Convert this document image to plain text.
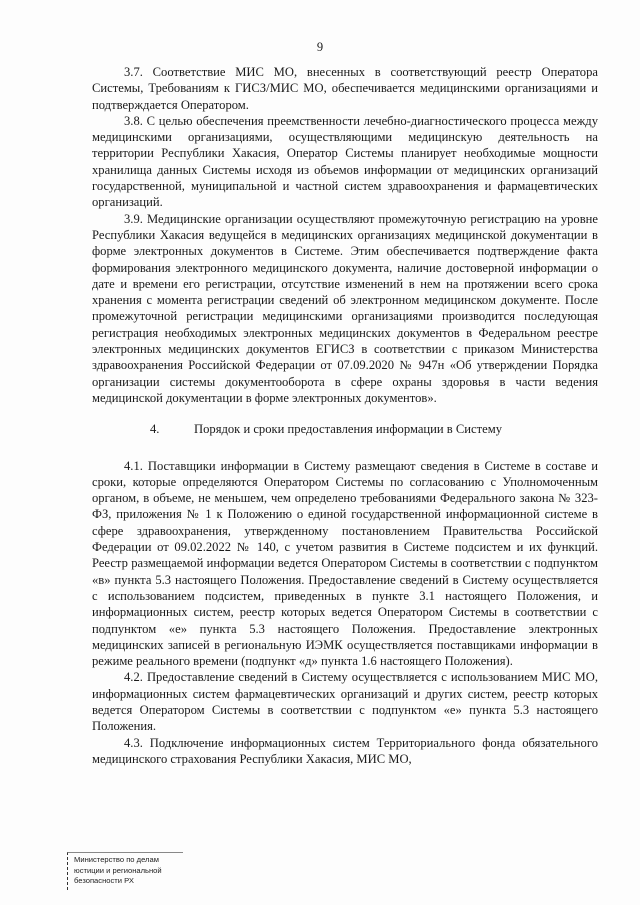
9

3.7. Соответствие МИС МО, внесенных в соответствующий реестр Оператора Системы, Требованиям к ГИСЗ/МИС МО, обеспечивается медицинскими организациями и подтверждается Оператором.

3.8. С целью обеспечения преемственности лечебно-диагностического процесса между медицинскими организациями, осуществляющими медицинскую деятельность на территории Республики Хакасия, Оператор Системы планирует необходимые мощности хранилища данных Системы исходя из объемов информации от медицинских организаций государственной, муниципальной и частной систем здравоохранения и фармацевтических организаций.

3.9. Медицинские организации осуществляют промежуточную регистрацию на уровне Республики Хакасия ведущейся в медицинских организациях медицинской документации в форме электронных документов в Системе. Этим обеспечивается подтверждение факта формирования электронного медицинского документа, наличие достоверной информации о дате и времени его регистрации, отсутствие изменений в нем на протяжении всего срока хранения с момента регистрации сведений об электронном медицинском документе. После промежуточной регистрации медицинскими организациями производится последующая регистрация необходимых электронных медицинских документов в Федеральном реестре электронных медицинских документов ЕГИСЗ в соответствии с приказом Министерства здравоохранения Российской Федерации от 07.09.2020 № 947н «Об утверждении Порядка организации системы документооборота в сфере охраны здоровья в части ведения медицинской документации в форме электронных документов».

4.	Порядок и сроки предоставления информации в Систему

4.1. Поставщики информации в Систему размещают сведения в Системе в составе и сроки, которые определяются Оператором Системы по согласованию с Уполномоченным органом, в объеме, не меньшем, чем определено требованиями Федерального закона № 323-ФЗ, приложения № 1 к Положению о единой государственной информационной системе в сфере здравоохранения, утвержденному постановлением Правительства Российской Федерации от 09.02.2022 № 140, с учетом развития в Системе подсистем и их функций. Реестр размещаемой информации ведется Оператором Системы в соответствии с подпунктом «в» пункта 5.3 настоящего Положения. Предоставление сведений в Систему осуществляется с использованием подсистем, приведенных в пункте 3.1 настоящего Положения, и информационных систем, реестр которых ведется Оператором Системы в соответствии с подпунктом «е» пункта 5.3 настоящего Положения. Предоставление электронных медицинских записей в региональную ИЭМК осуществляется поставщиками информации в режиме реального времени (подпункт «д» пункта 1.6 настоящего Положения).

4.2. Предоставление сведений в Систему осуществляется с использованием МИС МО, информационных систем фармацевтических организаций и других систем, реестр которых ведется Оператором Системы в соответствии с подпунктом «е» пункта 5.3 настоящего Положения.

4.3. Подключение информационных систем Территориального фонда обязательного медицинского страхования Республики Хакасия, МИС МО,

Министерство по делам
юстиции и региональной
безопасности РХ
